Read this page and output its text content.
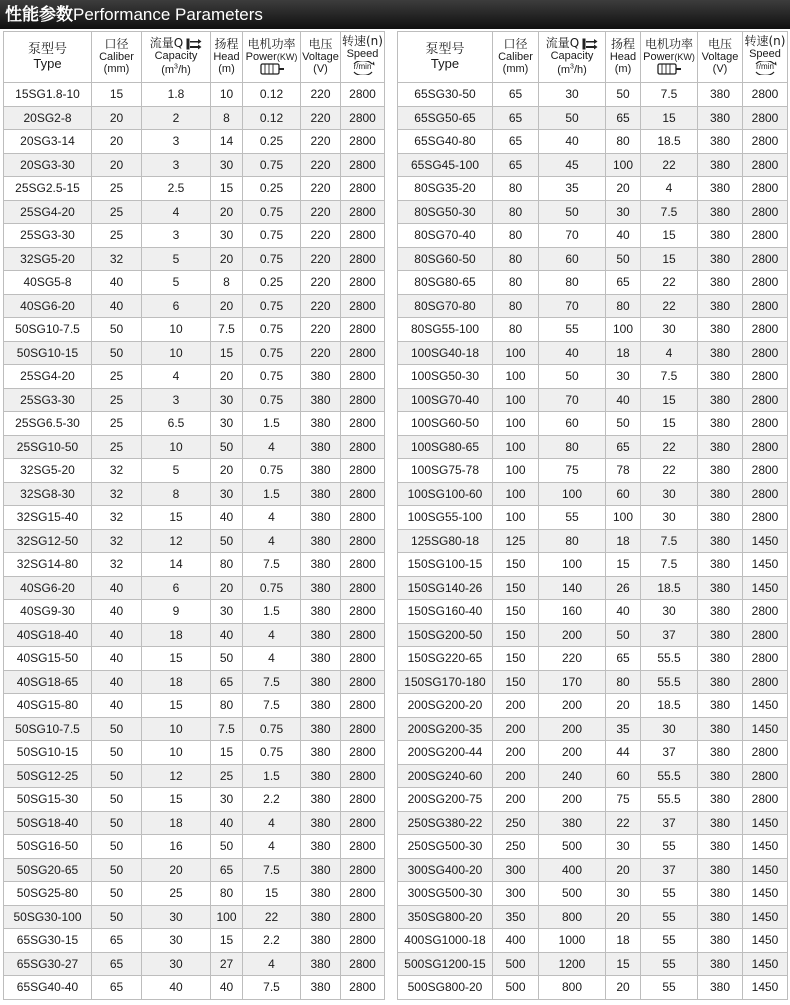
性能参数Performance Parameters
泵型号
Type	口径
Caliber
(mm)	流量Q
Capacity
$(m^3/h)$	扬程
Head
(m)	电机功率
Power(KW)	电压
Voltage
(V)	转速(n)
Speed

r/min

15SG1.8-10	15	1.8	10	0.12	220	2800
20SG2-8	20	2	8	0.12	220	2800
20SG3-14	20	3	14	0.25	220	2800
20SG3-30	20	3	30	0.75	220	2800
25SG2.5-15	25	2.5	15	0.25	220	2800
25SG4-20	25	4	20	0.75	220	2800
25SG3-30	25	3	30	0.75	220	2800
32SG5-20	32	5	20	0.75	220	2800
40SG5-8	40	5	8	0.25	220	2800
40SG6-20	40	6	20	0.75	220	2800
50SG10-7.5	50	10	7.5	0.75	220	2800
50SG10-15	50	10	15	0.75	220	2800
25SG4-20	25	4	20	0.75	380	2800
25SG3-30	25	3	30	0.75	380	2800
25SG6.5-30	25	6.5	30	1.5	380	2800
25SG10-50	25	10	50	4	380	2800
32SG5-20	32	5	20	0.75	380	2800
32SG8-30	32	8	30	1.5	380	2800
32SG15-40	32	15	40	4	380	2800
32SG12-50	32	12	50	4	380	2800
32SG14-80	32	14	80	7.5	380	2800
40SG6-20	40	6	20	0.75	380	2800
40SG9-30	40	9	30	1.5	380	2800
40SG18-40	40	18	40	4	380	2800
40SG15-50	40	15	50	4	380	2800
40SG18-65	40	18	65	7.5	380	2800
40SG15-80	40	15	80	7.5	380	2800
50SG10-7.5	50	10	7.5	0.75	380	2800
50SG10-15	50	10	15	0.75	380	2800
50SG12-25	50	12	25	1.5	380	2800
50SG15-30	50	15	30	2.2	380	2800
50SG18-40	50	18	40	4	380	2800
50SG16-50	50	16	50	4	380	2800
50SG20-65	50	20	65	7.5	380	2800
50SG25-80	50	25	80	15	380	2800
50SG30-100	50	30	100	22	380	2800
65SG30-15	65	30	15	2.2	380	2800
65SG30-27	65	30	27	4	380	2800
65SG40-40	65	40	40	7.5	380	2800
泵型号
Type	口径
Caliber
(mm)	流量Q
Capacity
$(m^3/h)$	扬程
Head
(m)	电机功率
Power(KW)	电压
Voltage
(V)	转速(n)
Speed

r/min

65SG30-50	65	30	50	7.5	380	2800
65SG50-65	65	50	65	15	380	2800
65SG40-80	65	40	80	18.5	380	2800
65SG45-100	65	45	100	22	380	2800
80SG35-20	80	35	20	4	380	2800
80SG50-30	80	50	30	7.5	380	2800
80SG70-40	80	70	40	15	380	2800
80SG60-50	80	60	50	15	380	2800
80SG80-65	80	80	65	22	380	2800
80SG70-80	80	70	80	22	380	2800
80SG55-100	80	55	100	30	380	2800
100SG40-18	100	40	18	4	380	2800
100SG50-30	100	50	30	7.5	380	2800
100SG70-40	100	70	40	15	380	2800
100SG60-50	100	60	50	15	380	2800
100SG80-65	100	80	65	22	380	2800
100SG75-78	100	75	78	22	380	2800
100SG100-60	100	100	60	30	380	2800
100SG55-100	100	55	100	30	380	2800
125SG80-18	125	80	18	7.5	380	1450
150SG100-15	150	100	15	7.5	380	1450
150SG140-26	150	140	26	18.5	380	1450
150SG160-40	150	160	40	30	380	2800
150SG200-50	150	200	50	37	380	2800
150SG220-65	150	220	65	55.5	380	2800
150SG170-180	150	170	80	55.5	380	2800
200SG200-20	200	200	20	18.5	380	1450
200SG200-35	200	200	35	30	380	1450
200SG200-44	200	200	44	37	380	2800
200SG240-60	200	240	60	55.5	380	2800
200SG200-75	200	200	75	55.5	380	2800
250SG380-22	250	380	22	37	380	1450
250SG500-30	250	500	30	55	380	1450
300SG400-20	300	400	20	37	380	1450
300SG500-30	300	500	30	55	380	1450
350SG800-20	350	800	20	55	380	1450
400SG1000-18	400	1000	18	55	380	1450
500SG1200-15	500	1200	15	55	380	1450
500SG800-20	500	800	20	55	380	1450
